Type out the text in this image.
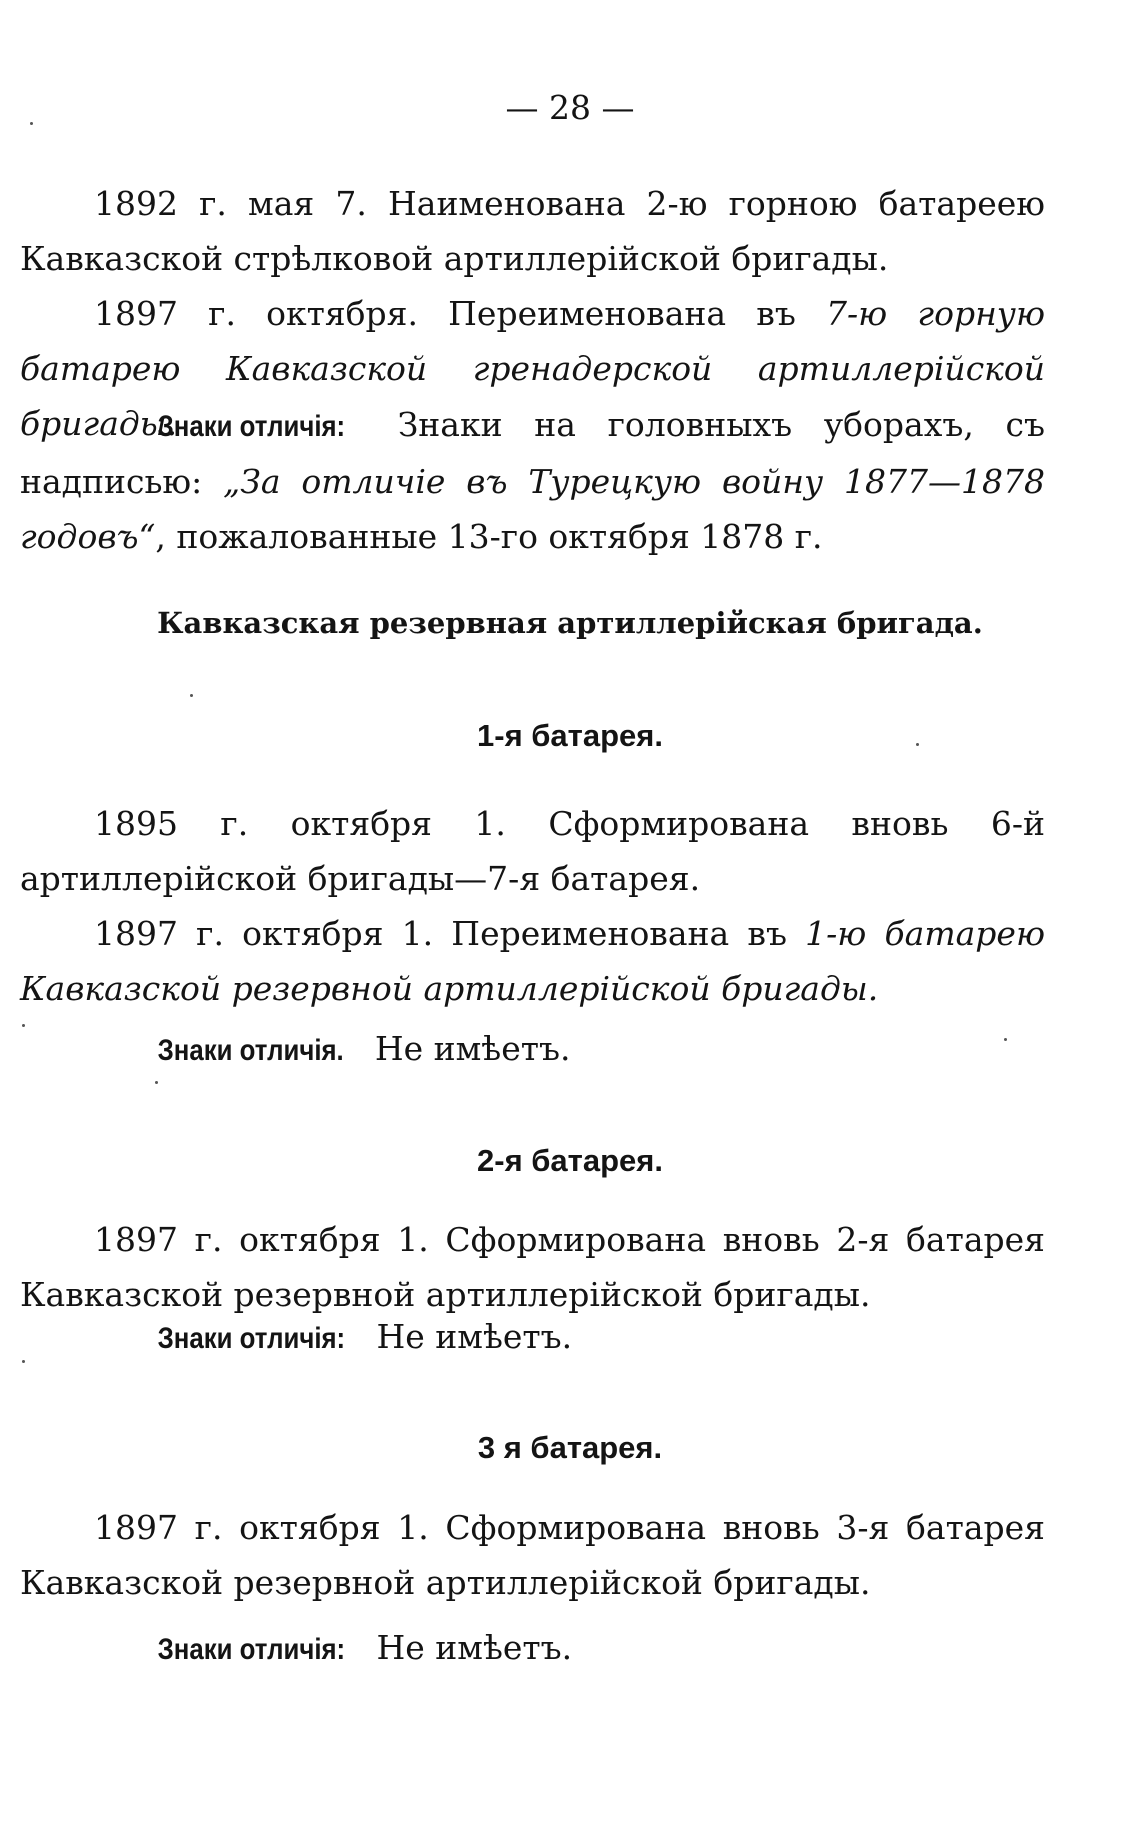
— 28 —

1892 г. мая 7. Наименована 2-ю горною батареею Кавказской стрѣлковой артиллерійской бригады.

1897 г. октября. Переименована въ 7-ю горную батарею Кавказской гренадерской артиллерійской бригады.

Знаки отличія: Знаки на головныхъ уборахъ, съ надписью: „За отличіе въ Турецкую войну 1877—1878 годовъ“, пожалованные 13-го октября 1878 г.

Кавказская резервная артиллерійская бригада.
1-я батарея.

1895 г. октября 1. Сформирована вновь 6-й артиллерійской бригады—7-я батарея.

1897 г. октября 1. Переименована въ 1-ю батарею Кавказской резервной артиллерійской бригады.

Знаки отличія. Не имѣетъ.

2-я батарея.

1897 г. октября 1. Сформирована вновь 2-я батарея Кавказской резервной артиллерійской бригады.

Знаки отличія: Не имѣетъ.

3 я батарея.

1897 г. октября 1. Сформирована вновь 3-я батарея Кавказской резервной артиллерійской бригады.

Знаки отличія: Не имѣетъ.
